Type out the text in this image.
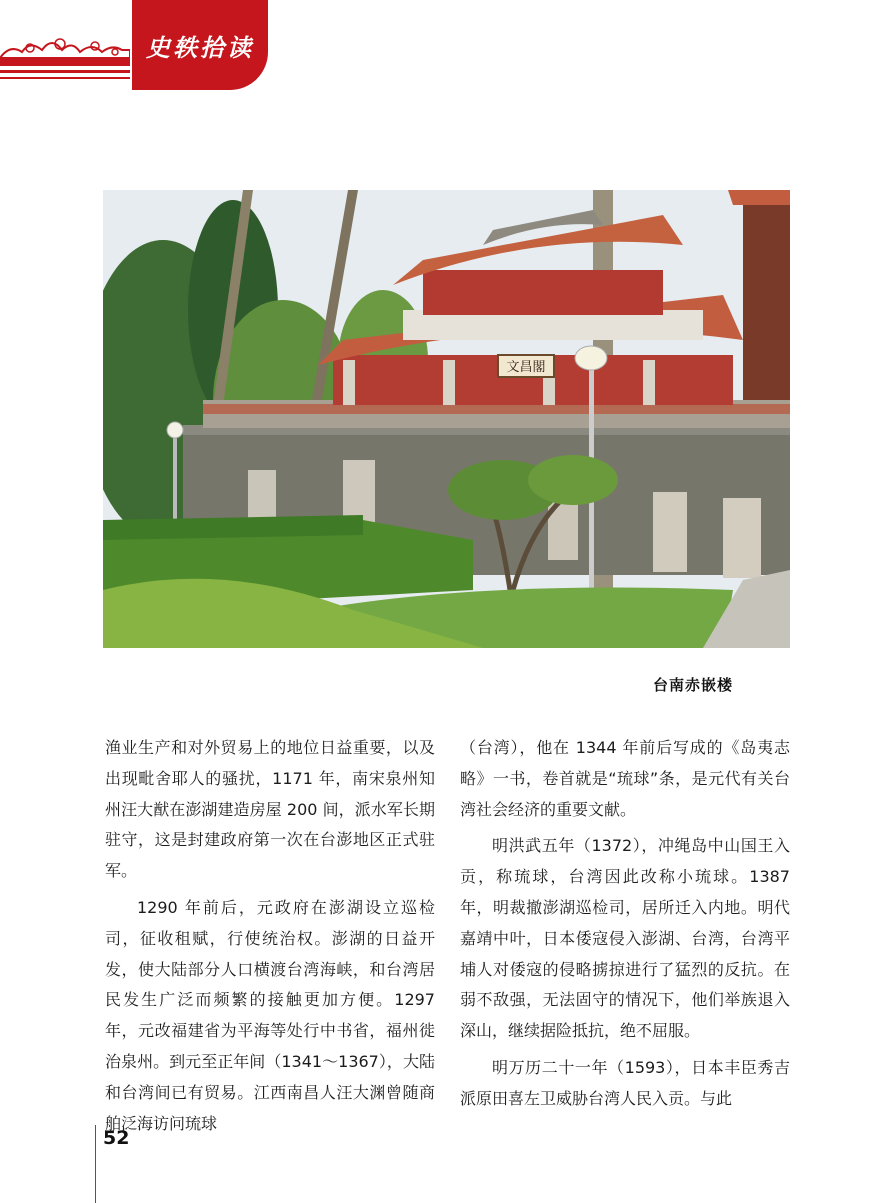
史轶拾读
文昌閣
台南赤嵌楼

渔业生产和对外贸易上的地位日益重要，以及出现毗舍耶人的骚扰，1171 年，南宋泉州知州汪大猷在澎湖建造房屋 200 间，派水军长期驻守，这是封建政府第一次在台澎地区正式驻军。

1290 年前后，元政府在澎湖设立巡检司，征收租赋，行使统治权。澎湖的日益开发，使大陆部分人口横渡台湾海峡，和台湾居民发生广泛而频繁的接触更加方便。1297 年，元改福建省为平海等处行中书省，福州徙治泉州。到元至正年间（1341～1367），大陆和台湾间已有贸易。江西南昌人汪大渊曾随商舶泛海访问琉球

（台湾），他在 1344 年前后写成的《岛夷志略》一书，卷首就是“琉球”条，是元代有关台湾社会经济的重要文献。

明洪武五年（1372），冲绳岛中山国王入贡，称琉球，台湾因此改称小琉球。1387 年，明裁撤澎湖巡检司，居所迁入内地。明代嘉靖中叶，日本倭寇侵入澎湖、台湾，台湾平埔人对倭寇的侵略掳掠进行了猛烈的反抗。在弱不敌强，无法固守的情况下，他们举族退入深山，继续据险抵抗，绝不屈服。

明万历二十一年（1593），日本丰臣秀吉派原田喜左卫威胁台湾人民入贡。与此

52
